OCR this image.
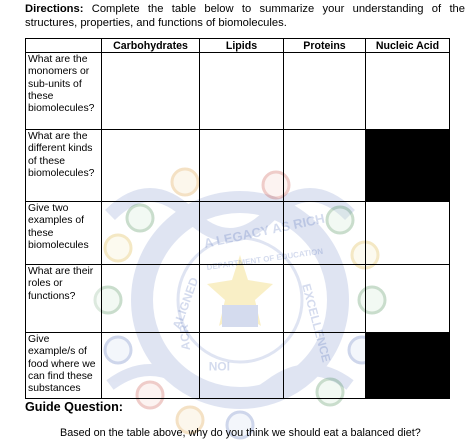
A LEGACY AS RICH
DEPARTMENT OF EDUCATION
ALIGNED	EXCELLENCE
ACR
ION
Directions: Complete the table below to summarize your understanding of the structures, properties, and functions of biomolecules.
	Carbohydrates	Lipids	Proteins	Nucleic Acid
What are the monomers or sub-units of these biomolecules?				
What are the different kinds of these biomolecules?				
Give two examples of these biomolecules				
What are their roles or functions?				
Give example/s of food where we can find these substances				
Guide Question:
Based on the table above, why do you think we should eat a balanced diet?
